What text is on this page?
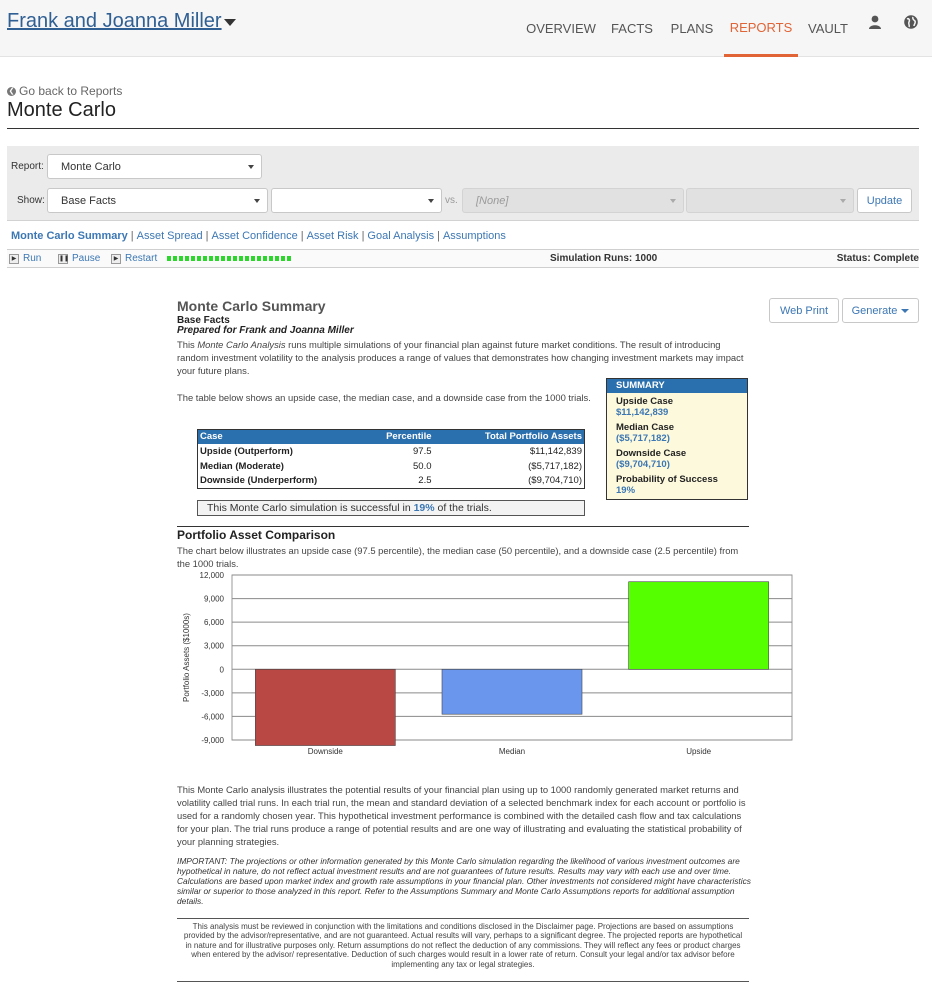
Frank and Joanna Miller	OVERVIEW	FACTS	PLANS	REPORTS	VAULT
❮ Go back to Reports
Monte Carlo
Report: Monte Carlo
Show: Base Facts	vs. [None]	Update
Monte Carlo Summary | Asset Spread | Asset Confidence | Asset Risk | Goal Analysis | Assumptions
▶ Run	❚❚ Pause	▶ Restart	Simulation Runs: 1000	Status: Complete
Web Print	Generate
Monte Carlo Summary
Base Facts
Prepared for Frank and Joanna Miller
This Monte Carlo Analysis runs multiple simulations of your financial plan against future market conditions. The result of introducing random investment volatility to the analysis produces a range of values that demonstrates how changing investment markets may impact your future plans.
The table below shows an upside case, the median case, and a downside case from the 1000 trials.
SUMMARY
Upside Case
$11,142,839
Median Case
($5,717,182)
Downside Case
($9,704,710)
Probability of Success
19%
Case	Percentile	Total Portfolio Assets
Upside (Outperform)	97.5	$11,142,839
Median (Moderate)	50.0	($5,717,182)
Downside (Underperform)	2.5	($9,704,710)
This Monte Carlo simulation is successful in 19% of the trials.
Portfolio Asset Comparison
The chart below illustrates an upside case (97.5 percentile), the median case (50 percentile), and a downside case (2.5 percentile) from the 1000 trials.
12,000
9,000
6,000
3,000
0
-3,000
-6,000
-9,000
Downside	Median	Upside
Portfolio Assets ($1000s)
This Monte Carlo analysis illustrates the potential results of your financial plan using up to 1000 randomly generated market returns and volatility called trial runs. In each trial run, the mean and standard deviation of a selected benchmark index for each account or portfolio is used for a randomly chosen year. This hypothetical investment performance is combined with the detailed cash flow and tax calculations for your plan. The trial runs produce a range of potential results and are one way of illustrating and evaluating the statistical probability of your planning strategies.
IMPORTANT: The projections or other information generated by this Monte Carlo simulation regarding the likelihood of various investment outcomes are hypothetical in nature, do not reflect actual investment results and are not guarantees of future results. Results may vary with each use and over time. Calculations are based upon market index and growth rate assumptions in your financial plan. Other investments not considered might have characteristics similar or superior to those analyzed in this report. Refer to the Assumptions Summary and Monte Carlo Assumptions reports for additional assumption details.
This analysis must be reviewed in conjunction with the limitations and conditions disclosed in the Disclaimer page. Projections are based on assumptions provided by the advisor/representative, and are not guaranteed. Actual results will vary, perhaps to a significant degree. The projected reports are hypothetical in nature and for illustrative purposes only. Return assumptions do not reflect the deduction of any commissions. They will reflect any fees or product charges when entered by the advisor/ representative. Deduction of such charges would result in a lower rate of return. Consult your legal and/or tax advisor before implementing any tax or legal strategies.
